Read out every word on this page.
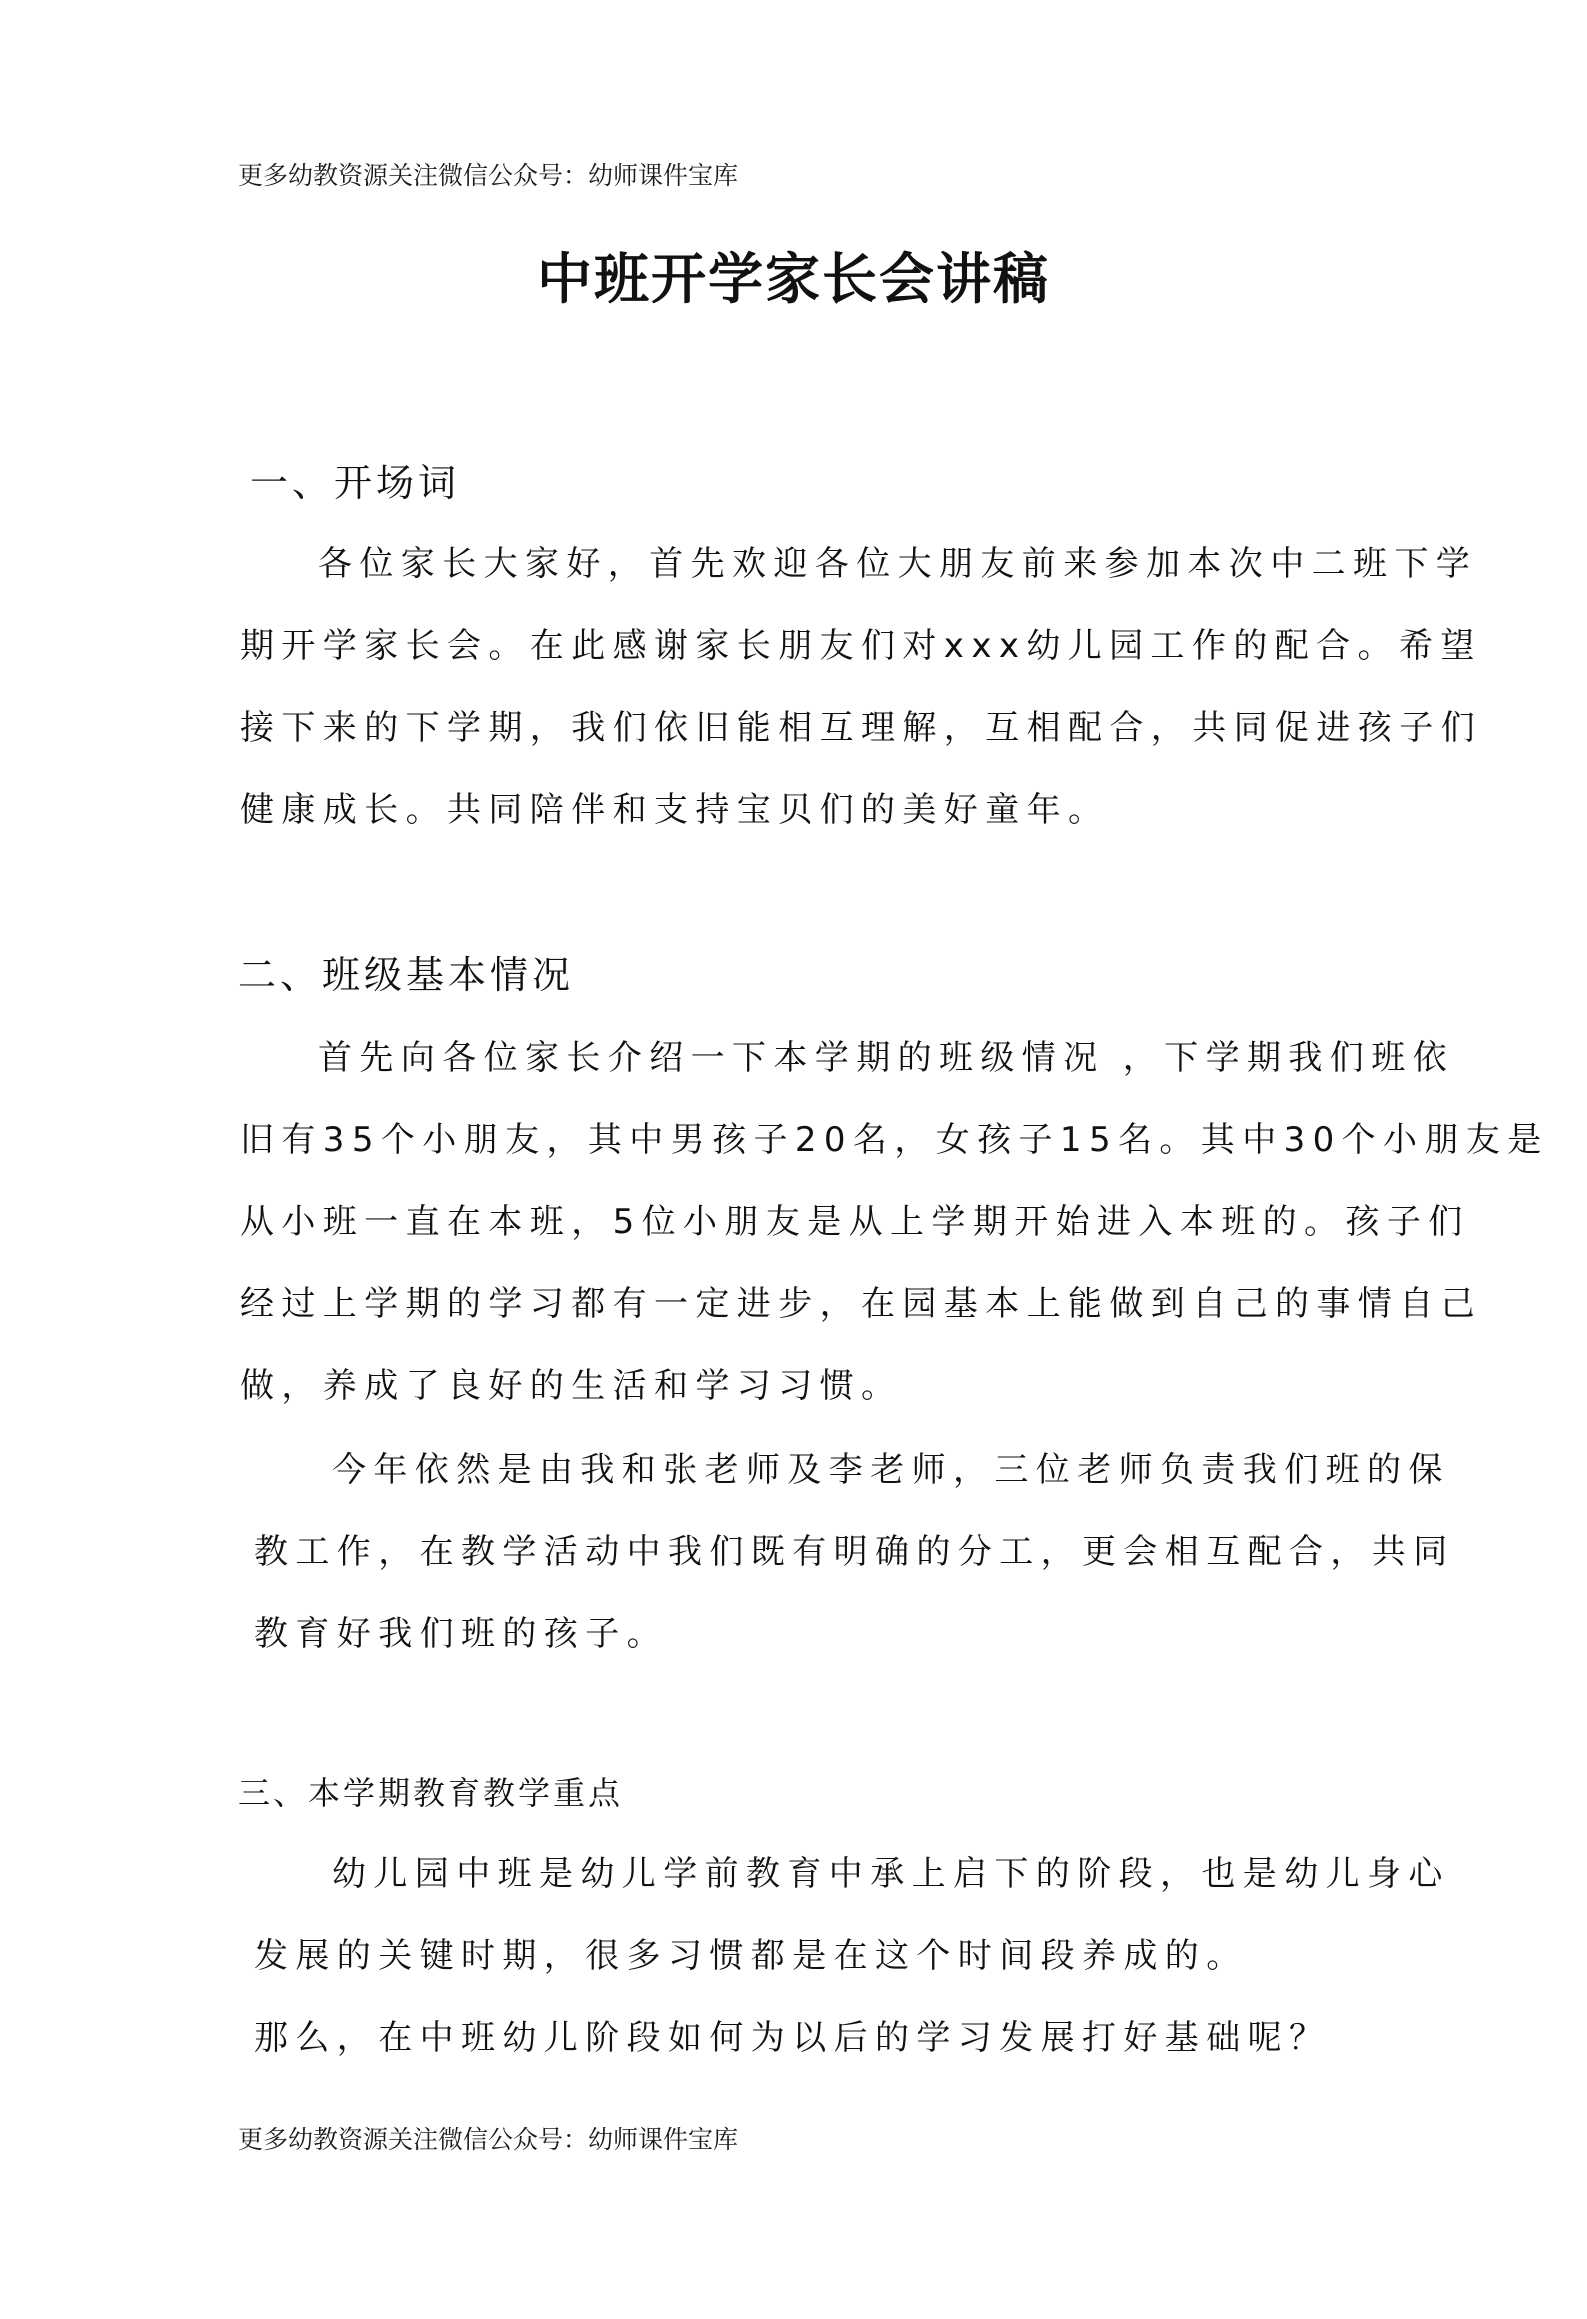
更多幼教资源关注微信公众号：幼师课件宝库
中班开学家长会讲稿
一、开场词
各位家长大家好，首先欢迎各位大朋友前来参加本次中二班下学
期开学家长会。在此感谢家长朋友们对xxx幼儿园工作的配合。希望
接下来的下学期，我们依旧能相互理解，互相配合，共同促进孩子们
健康成长。共同陪伴和支持宝贝们的美好童年。
二、班级基本情况
首先向各位家长介绍一下本学期的班级情况 ，下学期我们班依
旧有35个小朋友，其中男孩子20名，女孩子15名。其中30个小朋友是
从小班一直在本班，5位小朋友是从上学期开始进入本班的。孩子们
经过上学期的学习都有一定进步，在园基本上能做到自己的事情自己
做，养成了良好的生活和学习习惯。
今年依然是由我和张老师及李老师，三位老师负责我们班的保
教工作，在教学活动中我们既有明确的分工，更会相互配合，共同
教育好我们班的孩子。
三、本学期教育教学重点
幼儿园中班是幼儿学前教育中承上启下的阶段，也是幼儿身心
发展的关键时期，很多习惯都是在这个时间段养成的。
那么，在中班幼儿阶段如何为以后的学习发展打好基础呢？
更多幼教资源关注微信公众号：幼师课件宝库
